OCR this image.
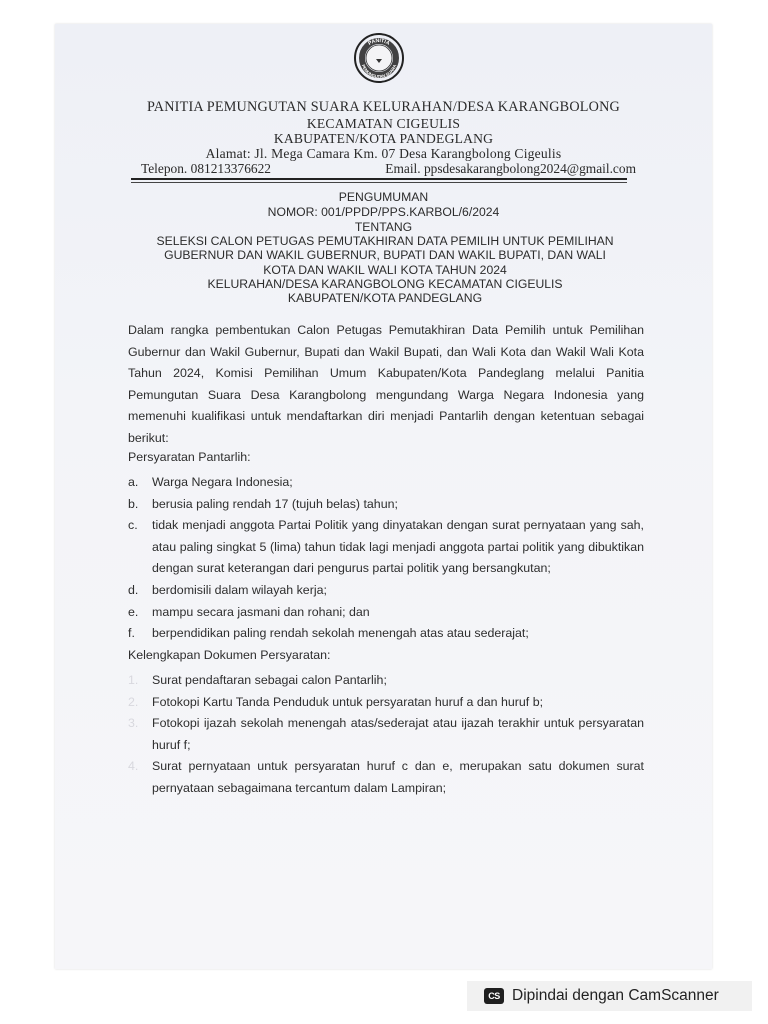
PANITIA
PEMUNGUTAN SUARA
PANITIA PEMUNGUTAN SUARA KELURAHAN/DESA KARANGBOLONG
KECAMATAN CIGEULIS
KABUPATEN/KOTA PANDEGLANG
Alamat: Jl. Mega Camara Km. 07 Desa Karangbolong Cigeulis
Telepon. 081213376622	Email. ppsdesakarangbolong2024@gmail.com
PENGUMUMAN
NOMOR: 001/PPDP/PPS.KARBOL/6/2024
TENTANG
SELEKSI CALON PETUGAS PEMUTAKHIRAN DATA PEMILIH UNTUK PEMILIHAN
GUBERNUR DAN WAKIL GUBERNUR, BUPATI DAN WAKIL BUPATI, DAN WALI
KOTA DAN WAKIL WALI KOTA TAHUN 2024
KELURAHAN/DESA KARANGBOLONG KECAMATAN CIGEULIS
KABUPATEN/KOTA PANDEGLANG
Dalam rangka pembentukan Calon Petugas Pemutakhiran Data Pemilih untuk Pemilihan Gubernur dan Wakil Gubernur, Bupati dan Wakil Bupati, dan Wali Kota dan Wakil Wali Kota Tahun 2024, Komisi Pemilihan Umum Kabupaten/Kota Pandeglang melalui Panitia Pemungutan Suara Desa Karangbolong mengundang Warga Negara Indonesia yang memenuhi kualifikasi untuk mendaftarkan diri menjadi Pantarlih dengan ketentuan sebagai berikut:
Persyaratan Pantarlih:
a. Warga Negara Indonesia;
b. berusia paling rendah 17 (tujuh belas) tahun;
c. tidak menjadi anggota Partai Politik yang dinyatakan dengan surat pernyataan yang sah, atau paling singkat 5 (lima) tahun tidak lagi menjadi anggota partai politik yang dibuktikan dengan surat keterangan dari pengurus partai politik yang bersangkutan;
d. berdomisili dalam wilayah kerja;
e. mampu secara jasmani dan rohani; dan
f. berpendidikan paling rendah sekolah menengah atas atau sederajat;
Kelengkapan Dokumen Persyaratan:
1. Surat pendaftaran sebagai calon Pantarlih;
2. Fotokopi Kartu Tanda Penduduk untuk persyaratan huruf a dan huruf b;
3. Fotokopi ijazah sekolah menengah atas/sederajat atau ijazah terakhir untuk persyaratan huruf f;
4. Surat pernyataan untuk persyaratan huruf c dan e, merupakan satu dokumen surat pernyataan sebagaimana tercantum dalam Lampiran;
CS Dipindai dengan CamScanner
